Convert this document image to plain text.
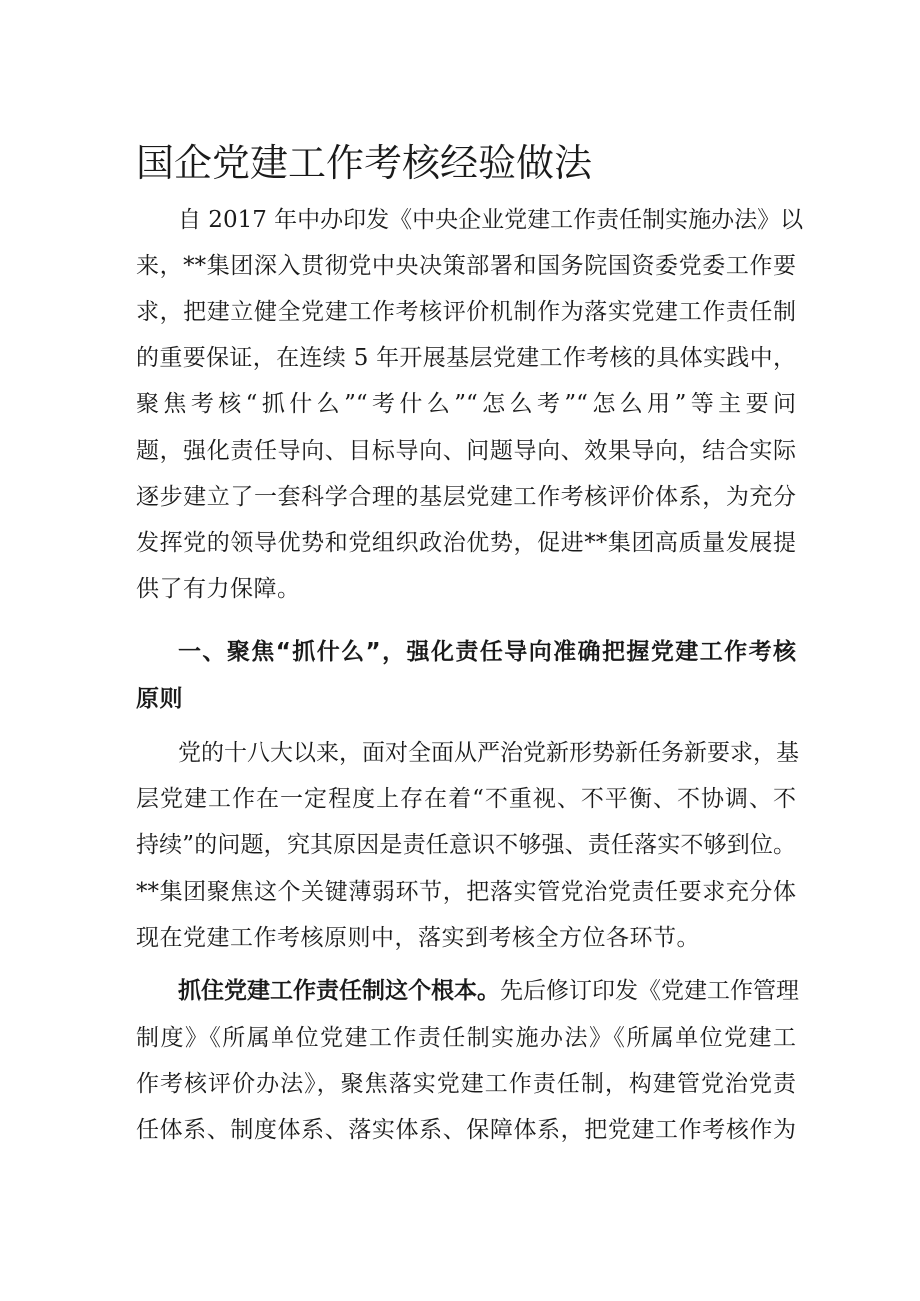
国企党建工作考核经验做法
自 2017 年中办印发《中央企业党建工作责任制实施办法》以
来，**集团深入贯彻党中央决策部署和国务院国资委党委工作要
求，把建立健全党建工作考核评价机制作为落实党建工作责任制
的重要保证，在连续 5 年开展基层党建工作考核的具体实践中，
聚焦考核“抓什么”“考什么”“怎么考”“怎么用”等主要问
题，强化责任导向、目标导向、问题导向、效果导向，结合实际
逐步建立了一套科学合理的基层党建工作考核评价体系，为充分
发挥党的领导优势和党组织政治优势，促进**集团高质量发展提
供了有力保障。
一、聚焦“抓什么”，强化责任导向准确把握党建工作考核
原则
党的十八大以来，面对全面从严治党新形势新任务新要求，基
层党建工作在一定程度上存在着“不重视、不平衡、不协调、不
持续”的问题，究其原因是责任意识不够强、责任落实不够到位。
**集团聚焦这个关键薄弱环节，把落实管党治党责任要求充分体
现在党建工作考核原则中，落实到考核全方位各环节。
抓住党建工作责任制这个根本。先后修订印发《党建工作管理
制度》《所属单位党建工作责任制实施办法》《所属单位党建工
作考核评价办法》，聚焦落实党建工作责任制，构建管党治党责
任体系、制度体系、落实体系、保障体系，把党建工作考核作为
